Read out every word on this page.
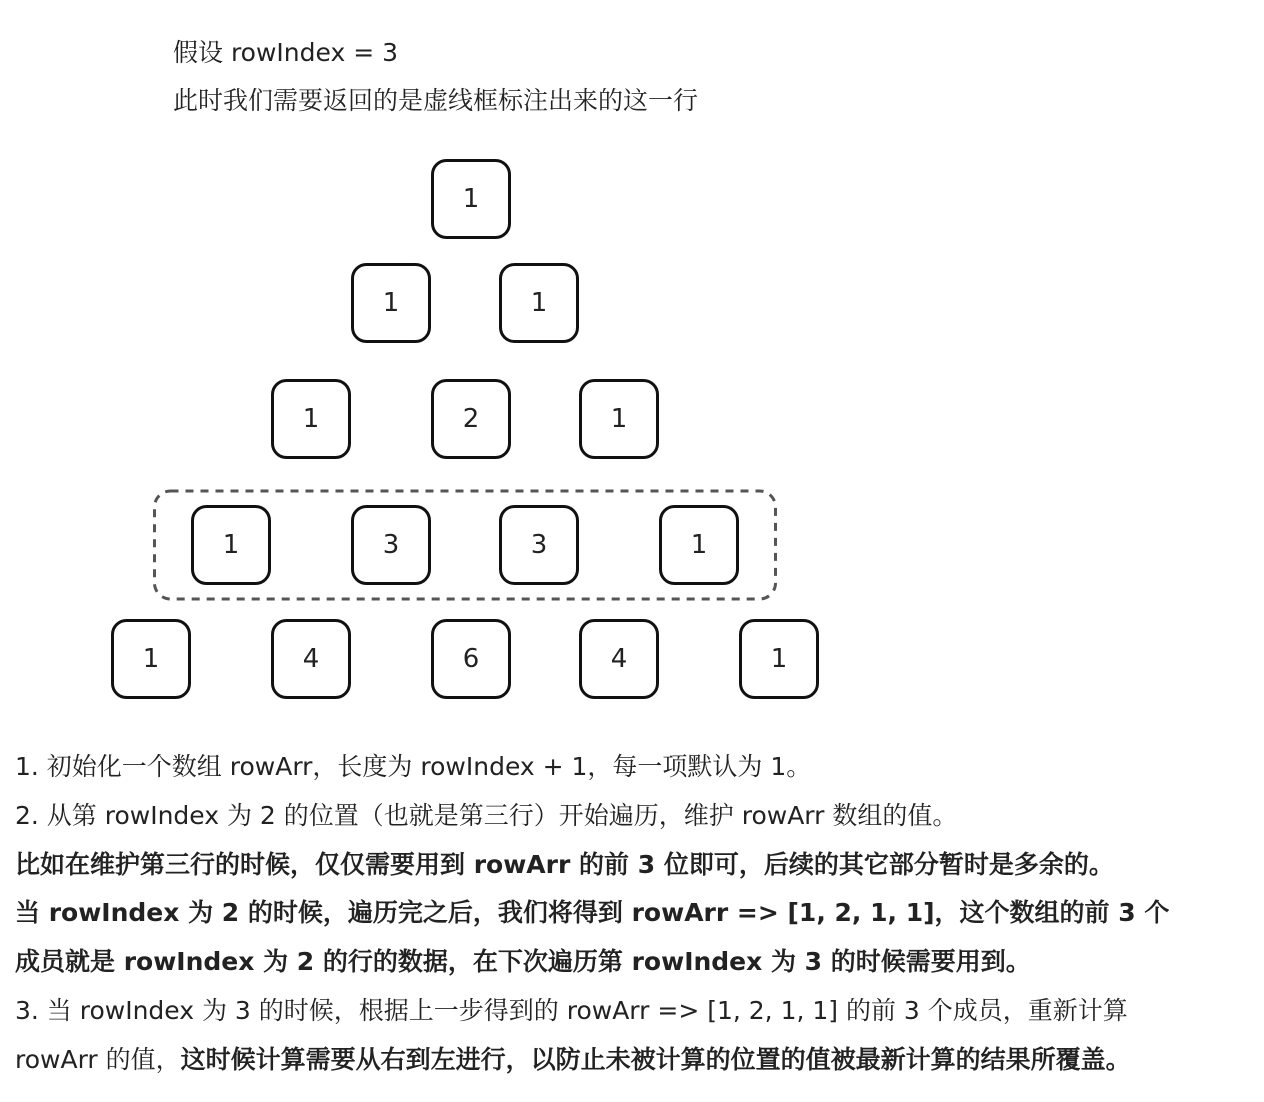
假设 rowIndex = 3
此时我们需要返回的是虚线框标注出来的这一行
1
1	1
1	2	1
1	3	3	1
1	4	6	4	1
1. 初始化一个数组 rowArr，长度为 rowIndex + 1，每一项默认为 1。
2. 从第 rowIndex 为 2 的位置（也就是第三行）开始遍历，维护 rowArr 数组的值。
比如在维护第三行的时候，仅仅需要用到 rowArr 的前 3 位即可，后续的其它部分暂时是多余的。
当 rowIndex 为 2 的时候，遍历完之后，我们将得到 rowArr => [1, 2, 1, 1]，这个数组的前 3 个
成员就是 rowIndex 为 2 的行的数据，在下次遍历第 rowIndex 为 3 的时候需要用到。
3. 当 rowIndex 为 3 的时候，根据上一步得到的 rowArr => [1, 2, 1, 1] 的前 3 个成员，重新计算
rowArr 的值，这时候计算需要从右到左进行，以防止未被计算的位置的值被最新计算的结果所覆盖。
